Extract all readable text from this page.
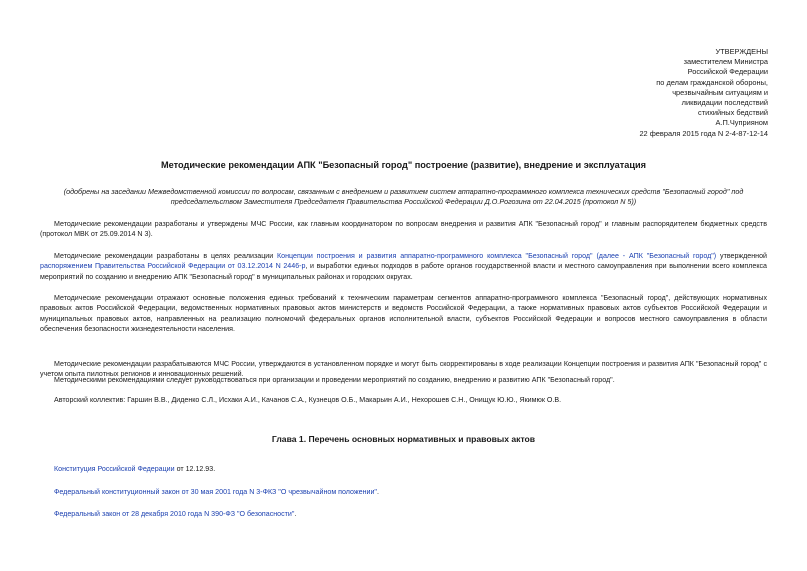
УТВЕРЖДЕНЫ
заместителем Министра
Российской Федерации
по делам гражданской обороны,
чрезвычайным ситуациям и
ликвидации последствий
стихийных бедствий
А.П.Чуприяном
22 февраля 2015 года N 2-4-87-12-14
Методические рекомендации АПК "Безопасный город" построение (развитие), внедрение и эксплуатация
(одобрены на заседании Межведомственной комиссии по вопросам, связанным с внедрением и развитием систем аппаратно-программного комплекса технических средств "Безопасный город" под председательством Заместителя Председателя Правительства Российской Федерации Д.О.Рогозина от 22.04.2015 (протокол N 5))
Методические рекомендации разработаны и утверждены МЧС России, как главным координатором по вопросам внедрения и развития АПК "Безопасный город" и главным распорядителем бюджетных средств (протокол МВК от 25.09.2014 N 3).
Методические рекомендации разработаны в целях реализации Концепции построения и развития аппаратно-программного комплекса "Безопасный город" (далее - АПК "Безопасный город") утвержденной распоряжением Правительства Российской Федерации от 03.12.2014 N 2446-р, и выработки единых подходов в работе органов государственной власти и местного самоуправления при выполнении всего комплекса мероприятий по созданию и внедрению АПК "Безопасный город" в муниципальных районах и городских округах.
Методические рекомендации отражают основные положения единых требований к техническим параметрам сегментов аппаратно-программного комплекса "Безопасный город", действующих нормативных правовых актов Российской Федерации, ведомственных нормативных правовых актов министерств и ведомств Российской Федерации, а также нормативных правовых актов субъектов Российской Федерации и муниципальных правовых актов, направленных на реализацию полномочий федеральных органов исполнительной власти, субъектов Российской Федерации и вопросов местного самоуправления в области обеспечения безопасности жизнедеятельности населения.
Методические рекомендации разрабатываются МЧС России, утверждаются в установленном порядке и могут быть скорректированы в ходе реализации Концепции построения и развития АПК "Безопасный город" с учетом опыта пилотных регионов и инновационных решений.
Методическими рекомендациями следует руководствоваться при организации и проведении мероприятий по созданию, внедрению и развитию АПК "Безопасный город".
Авторский коллектив: Гаршин В.В., Диденко С.Л., Исхаки А.И., Качанов С.А., Кузнецов О.Б., Макарьин А.И., Нехорошев С.Н., Онищук Ю.Ю., Якимюк О.В.
Глава 1. Перечень основных нормативных и правовых актов
Конституция Российской Федерации от 12.12.93.
Федеральный конституционный закон от 30 мая 2001 года N 3-ФКЗ "О чрезвычайном положении".
Федеральный закон от 28 декабря 2010 года N 390-ФЗ "О безопасности".
